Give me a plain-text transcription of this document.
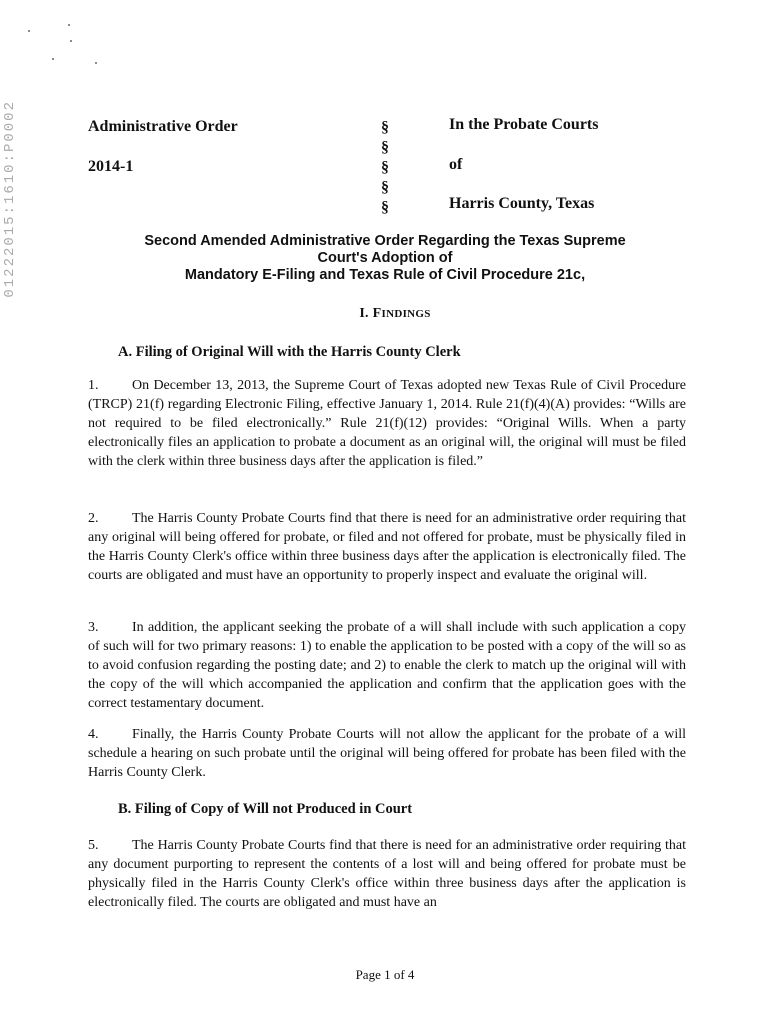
01222015:1610:P0002	Administrative Order
2014-1
§
§
§
§
§
In the Probate Courts
of
Harris County, Texas
Second Amended Administrative Order Regarding the Texas Supreme
Court's Adoption of
Mandatory E-Filing and Texas Rule of Civil Procedure 21c,
I. FINDINGS
A. Filing of Original Will with the Harris County Clerk
1. On December 13, 2013, the Supreme Court of Texas adopted new Texas Rule of Civil Procedure (TRCP) 21(f) regarding Electronic Filing, effective January 1, 2014. Rule 21(f)(4)(A) provides: “Wills are not required to be filed electronically.” Rule 21(f)(12) provides: “Original Wills. When a party electronically files an application to probate a document as an original will, the original will must be filed with the clerk within three business days after the application is filed.”
2. The Harris County Probate Courts find that there is need for an administrative order requiring that any original will being offered for probate, or filed and not offered for probate, must be physically filed in the Harris County Clerk's office within three business days after the application is electronically filed. The courts are obligated and must have an opportunity to properly inspect and evaluate the original will.
3. In addition, the applicant seeking the probate of a will shall include with such application a copy of such will for two primary reasons: 1) to enable the application to be posted with a copy of the will so as to avoid confusion regarding the posting date; and 2) to enable the clerk to match up the original will with the copy of the will which accompanied the application and confirm that the application goes with the correct testamentary document.
4. Finally, the Harris County Probate Courts will not allow the applicant for the probate of a will schedule a hearing on such probate until the original will being offered for probate has been filed with the Harris County Clerk.
B. Filing of Copy of Will not Produced in Court
5. The Harris County Probate Courts find that there is need for an administrative order requiring that any document purporting to represent the contents of a lost will and being offered for probate must be physically filed in the Harris County Clerk's office within three business days after the application is electronically filed. The courts are obligated and must have an
Page 1 of 4
